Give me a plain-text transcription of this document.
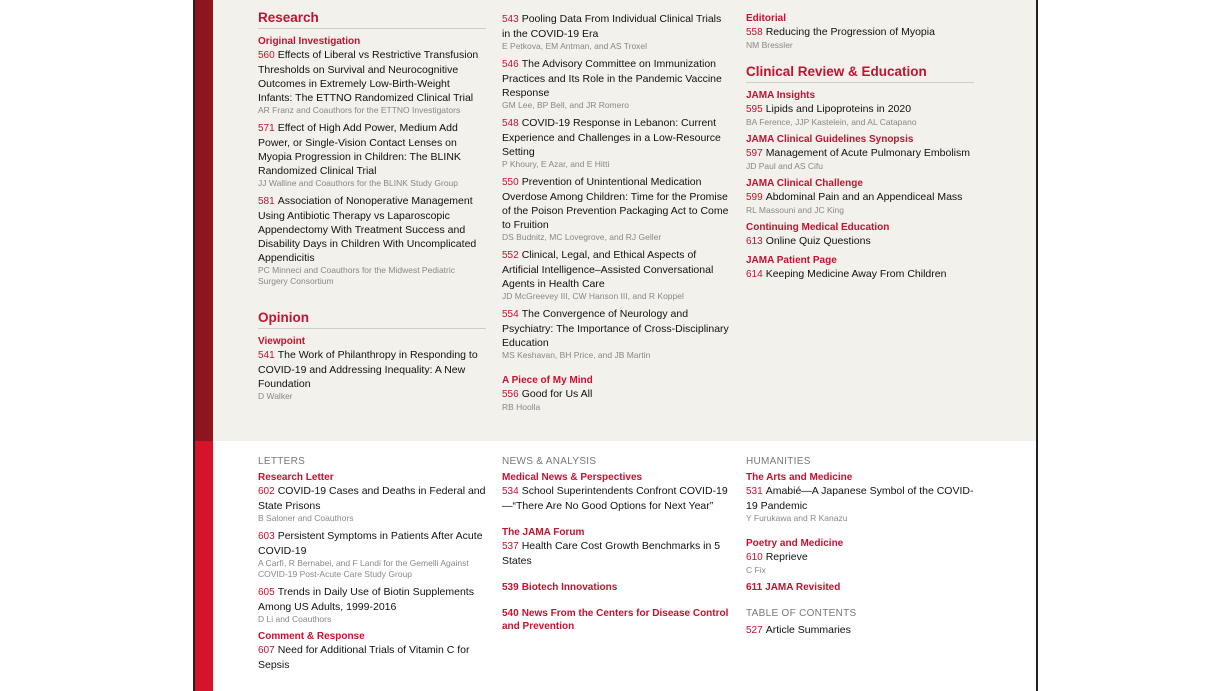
Research
Original Investigation
560 Effects of Liberal vs Restrictive Transfusion Thresholds on Survival and Neurocognitive Outcomes in Extremely Low-Birth-Weight Infants: The ETTNO Randomized Clinical Trial
AR Franz and Coauthors for the ETTNO Investigators
571 Effect of High Add Power, Medium Add Power, or Single-Vision Contact Lenses on Myopia Progression in Children: The BLINK Randomized Clinical Trial
JJ Walline and Coauthors for the BLINK Study Group
581 Association of Nonoperative Management Using Antibiotic Therapy vs Laparoscopic Appendectomy With Treatment Success and Disability Days in Children With Uncomplicated Appendicitis
PC Minneci and Coauthors for the Midwest Pediatric Surgery Consortium
Opinion
Viewpoint
541 The Work of Philanthropy in Responding to COVID-19 and Addressing Inequality: A New Foundation
D Walker
543 Pooling Data From Individual Clinical Trials in the COVID-19 Era
E Petkova, EM Antman, and AS Troxel
546 The Advisory Committee on Immunization Practices and Its Role in the Pandemic Vaccine Response
GM Lee, BP Bell, and JR Romero
548 COVID-19 Response in Lebanon: Current Experience and Challenges in a Low-Resource Setting
P Khoury, E Azar, and E Hitti
550 Prevention of Unintentional Medication Overdose Among Children: Time for the Promise of the Poison Prevention Packaging Act to Come to Fruition
DS Budnitz, MC Lovegrove, and RJ Geller
552 Clinical, Legal, and Ethical Aspects of Artificial Intelligence–Assisted Conversational Agents in Health Care
JD McGreevey III, CW Hanson III, and R Koppel
554 The Convergence of Neurology and Psychiatry: The Importance of Cross-Disciplinary Education
MS Keshavan, BH Price, and JB Martin
A Piece of My Mind
556 Good for Us All
RB Hoolla
Editorial
558 Reducing the Progression of Myopia
NM Bressler
Clinical Review & Education
JAMA Insights
595 Lipids and Lipoproteins in 2020
BA Ference, JJP Kastelein, and AL Catapano
JAMA Clinical Guidelines Synopsis
597 Management of Acute Pulmonary Embolism
JD Paul and AS Cifu
JAMA Clinical Challenge
599 Abdominal Pain and an Appendiceal Mass
RL Massouni and JC King
Continuing Medical Education
613 Online Quiz Questions
JAMA Patient Page
614 Keeping Medicine Away From Children
LETTERS
Research Letter
602 COVID-19 Cases and Deaths in Federal and State Prisons
B Saloner and Coauthors
603 Persistent Symptoms in Patients After Acute COVID-19
A Carfì, R Bernabei, and F Landi for the Gemelli Against COVID-19 Post-Acute Care Study Group
605 Trends in Daily Use of Biotin Supplements Among US Adults, 1999-2016
D Li and Coauthors
Comment & Response
607 Need for Additional Trials of Vitamin C for Sepsis
NEWS & ANALYSIS
Medical News & Perspectives
534 School Superintendents Confront COVID-19—“There Are No Good Options for Next Year”
The JAMA Forum
537 Health Care Cost Growth Benchmarks in 5 States
539 Biotech Innovations
540 News From the Centers for Disease Control and Prevention
HUMANITIES
The Arts and Medicine
531 Amabié—A Japanese Symbol of the COVID-19 Pandemic
Y Furukawa and R Kanazu
Poetry and Medicine
610 Reprieve
C Fix
611 JAMA Revisited
TABLE OF CONTENTS
527 Article Summaries
